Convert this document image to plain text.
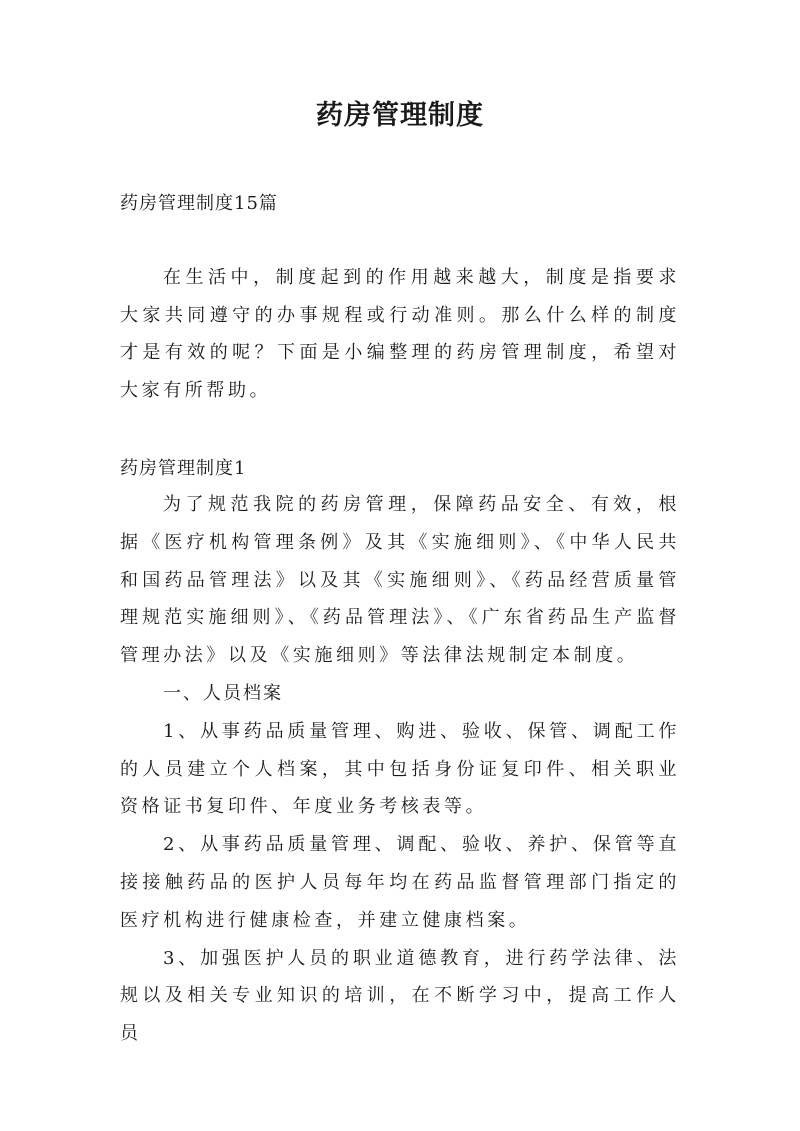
药房管理制度
药房管理制度15篇

在生活中，制度起到的作用越来越大，制度是指要求大家共同遵守的办事规程或行动准则。那么什么样的制度才是有效的呢？下面是小编整理的药房管理制度，希望对大家有所帮助。

药房管理制度1

为了规范我院的药房管理，保障药品安全、有效，根据《医疗机构管理条例》及其《实施细则》、《中华人民共和国药品管理法》以及其《实施细则》、《药品经营质量管理规范实施细则》、《药品管理法》、《广东省药品生产监督管理办法》以及《实施细则》等法律法规制定本制度。

一、人员档案

1、从事药品质量管理、购进、验收、保管、调配工作的人员建立个人档案，其中包括身份证复印件、相关职业资格证书复印件、年度业务考核表等。

2、从事药品质量管理、调配、验收、养护、保管等直接接触药品的医护人员每年均在药品监督管理部门指定的医疗机构进行健康检查，并建立健康档案。

3、加强医护人员的职业道德教育，进行药学法律、法规以及相关专业知识的培训，在不断学习中，提高工作人员
